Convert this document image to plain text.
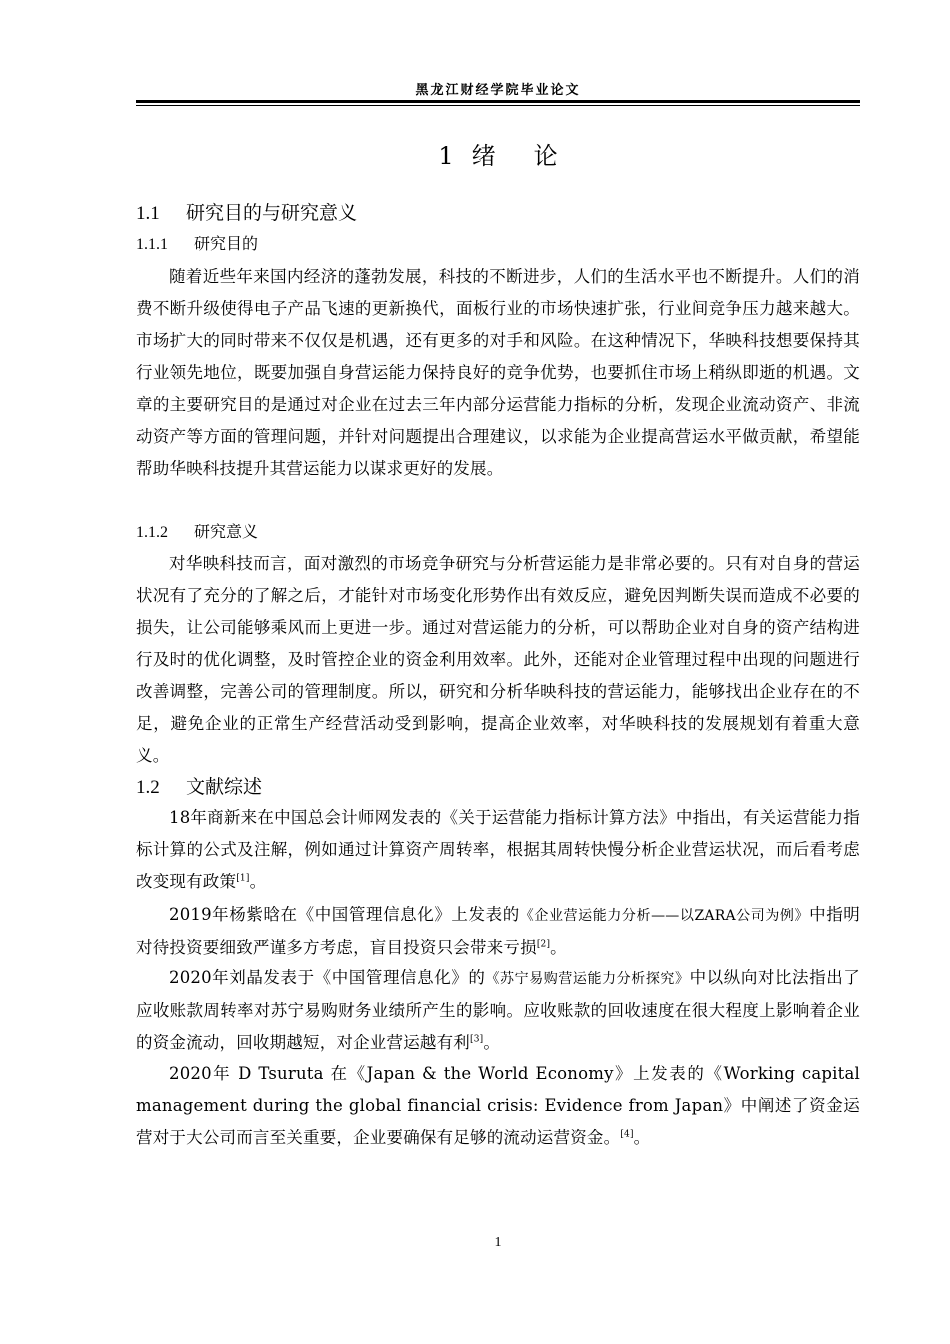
黑龙江财经学院毕业论文
1 绪 论
1.1 研究目的与研究意义
1.1.1 研究目的
随着近些年来国内经济的蓬勃发展，科技的不断进步，人们的生活水平也不断提升。人们的消费不断升级使得电子产品飞速的更新换代，面板行业的市场快速扩张，行业间竞争压力越来越大。市场扩大的同时带来不仅仅是机遇，还有更多的对手和风险。在这种情况下，华映科技想要保持其行业领先地位，既要加强自身营运能力保持良好的竞争优势，也要抓住市场上稍纵即逝的机遇。文章的主要研究目的是通过对企业在过去三年内部分运营能力指标的分析，发现企业流动资产、非流动资产等方面的管理问题，并针对问题提出合理建议，以求能为企业提高营运水平做贡献，希望能帮助华映科技提升其营运能力以谋求更好的发展。
1.1.2 研究意义
对华映科技而言，面对激烈的市场竞争研究与分析营运能力是非常必要的。只有对自身的营运状况有了充分的了解之后，才能针对市场变化形势作出有效反应，避免因判断失误而造成不必要的损失，让公司能够乘风而上更进一步。通过对营运能力的分析，可以帮助企业对自身的资产结构进行及时的优化调整，及时管控企业的资金利用效率。此外，还能对企业管理过程中出现的问题进行改善调整，完善公司的管理制度。所以，研究和分析华映科技的营运能力，能够找出企业存在的不足，避免企业的正常生产经营活动受到影响，提高企业效率，对华映科技的发展规划有着重大意义。
1.2 文献综述
18年商新来在中国总会计师网发表的《关于运营能力指标计算方法》中指出，有关运营能力指标计算的公式及注解，例如通过计算资产周转率，根据其周转快慢分析企业营运状况，而后看考虑改变现有政策[1]。
2019年杨紫晗在《中国管理信息化》上发表的《企业营运能力分析——以ZARA公司为例》中指明对待投资要细致严谨多方考虑，盲目投资只会带来亏损[2]。
2020年刘晶发表于《中国管理信息化》的《苏宁易购营运能力分析探究》中以纵向对比法指出了应收账款周转率对苏宁易购财务业绩所产生的影响。应收账款的回收速度在很大程度上影响着企业的资金流动，回收期越短，对企业营运越有利[3]。
2020年 D Tsuruta 在《Japan & the World Economy》上发表的《Working capital management during the global financial crisis: Evidence from Japan》中阐述了资金运营对于大公司而言至关重要，企业要确保有足够的流动运营资金。[4]。
1
